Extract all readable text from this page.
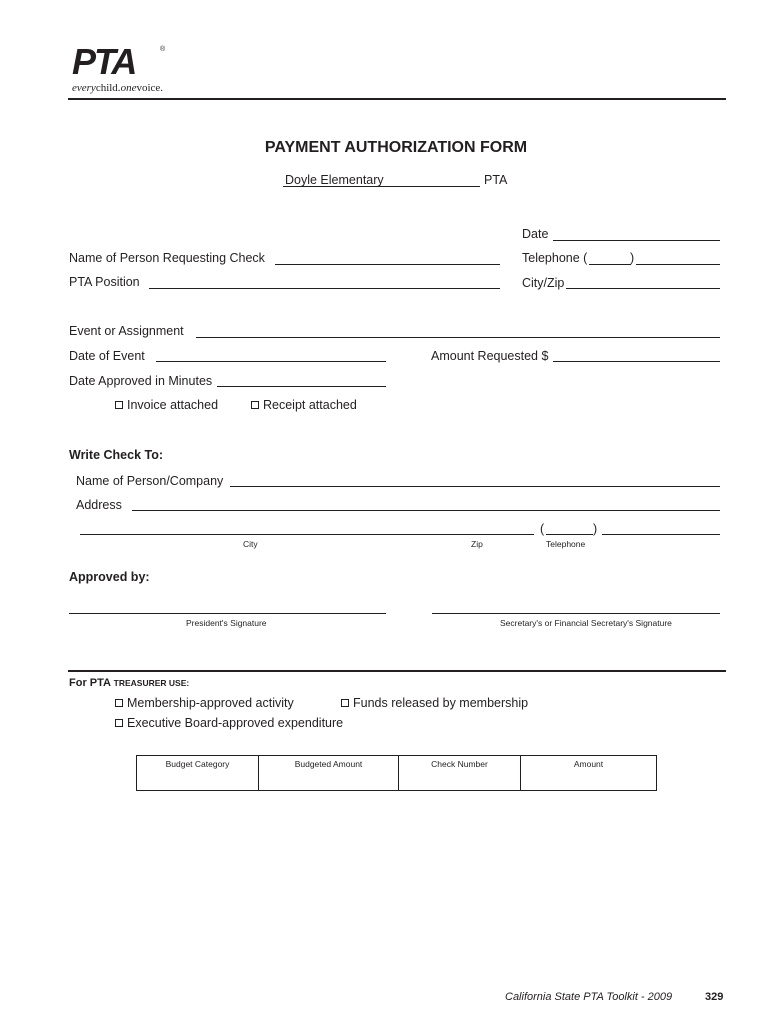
PTA	®
everychild.onevoice.
PAYMENT AUTHORIZATION FORM
Doyle Elementary	PTA
Date
Name of Person Requesting Check	Telephone (	)
PTA Position	City/Zip
Event or Assignment
Date of Event	Amount Requested $
Date Approved in Minutes
Invoice attached	Receipt attached
Write Check To:
Name of Person/Company
Address
(	)
City	Zip	Telephone
Approved by:
President's Signature	Secretary's or Financial Secretary's Signature
For PTA TREASURER USE:
Membership-approved activity	Funds released by membership
Executive Board-approved expenditure
Budget Category	Budgeted Amount	Check Number	Amount
California State PTA Toolkit - 2009	329
